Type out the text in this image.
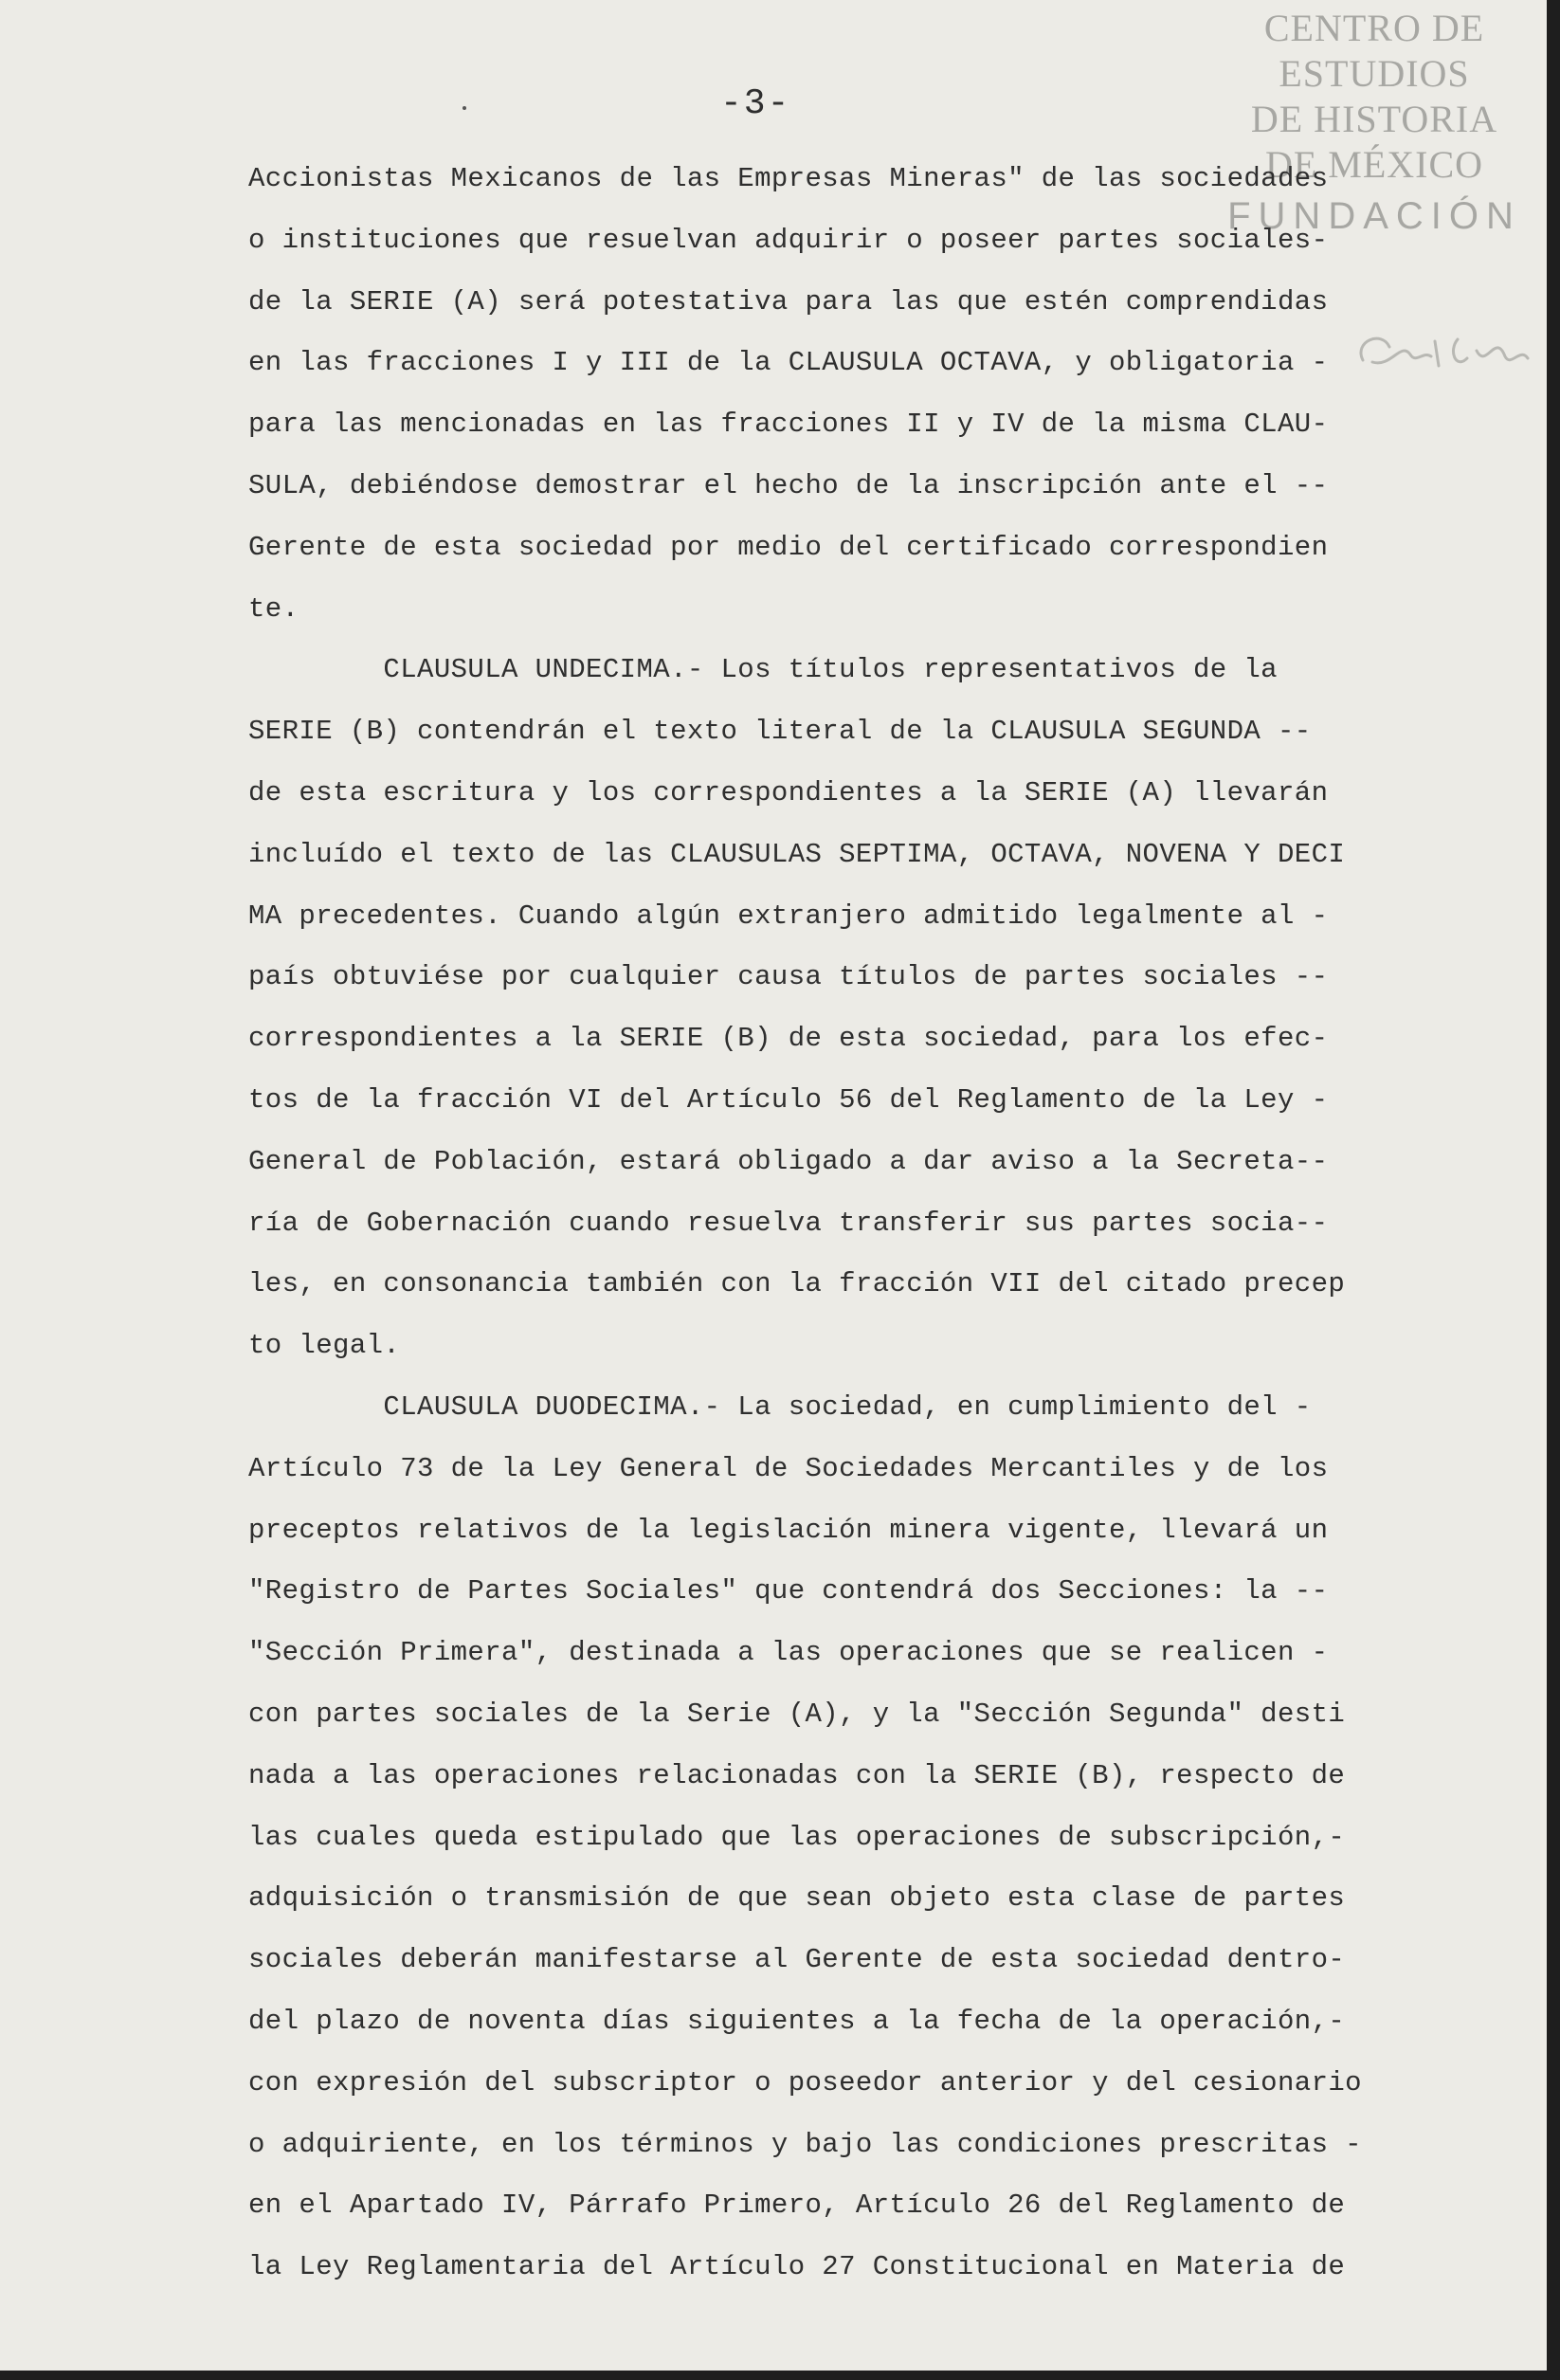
-3-
CENTRO DE
ESTUDIOS
DE HISTORIA
DE MÉXICO
FUNDACIÓN
Accionistas Mexicanos de las Empresas Mineras" de las sociedades
o instituciones que resuelvan adquirir o poseer partes sociales-
de la SERIE (A) será potestativa para las que estén comprendidas
en las fracciones I y III de la CLAUSULA OCTAVA, y obligatoria -
para las mencionadas en las fracciones II y IV de la misma CLAU-
SULA, debiéndose demostrar el hecho de la inscripción ante el --
Gerente de esta sociedad por medio del certificado correspondien
te.
CLAUSULA UNDECIMA.- Los títulos representativos de la
SERIE (B) contendrán el texto literal de la CLAUSULA SEGUNDA --
de esta escritura y los correspondientes a la SERIE (A) llevarán
incluído el texto de las CLAUSULAS SEPTIMA, OCTAVA, NOVENA Y DECI
MA precedentes. Cuando algún extranjero admitido legalmente al -
país obtuviése por cualquier causa títulos de partes sociales --
correspondientes a la SERIE (B) de esta sociedad, para los efec-
tos de la fracción VI del Artículo 56 del Reglamento de la Ley -
General de Población, estará obligado a dar aviso a la Secreta--
ría de Gobernación cuando resuelva transferir sus partes socia--
les, en consonancia también con la fracción VII del citado precep
to legal.
CLAUSULA DUODECIMA.- La sociedad, en cumplimiento del -
Artículo 73 de la Ley General de Sociedades Mercantiles y de los
preceptos relativos de la legislación minera vigente, llevará un
"Registro de Partes Sociales" que contendrá dos Secciones: la --
"Sección Primera", destinada a las operaciones que se realicen -
con partes sociales de la Serie (A), y la "Sección Segunda" desti
nada a las operaciones relacionadas con la SERIE (B), respecto de
las cuales queda estipulado que las operaciones de subscripción,-
adquisición o transmisión de que sean objeto esta clase de partes
sociales deberán manifestarse al Gerente de esta sociedad dentro-
del plazo de noventa días siguientes a la fecha de la operación,-
con expresión del subscriptor o poseedor anterior y del cesionario
o adquiriente, en los términos y bajo las condiciones prescritas -
en el Apartado IV, Párrafo Primero, Artículo 26 del Reglamento de
la Ley Reglamentaria del Artículo 27 Constitucional en Materia de
